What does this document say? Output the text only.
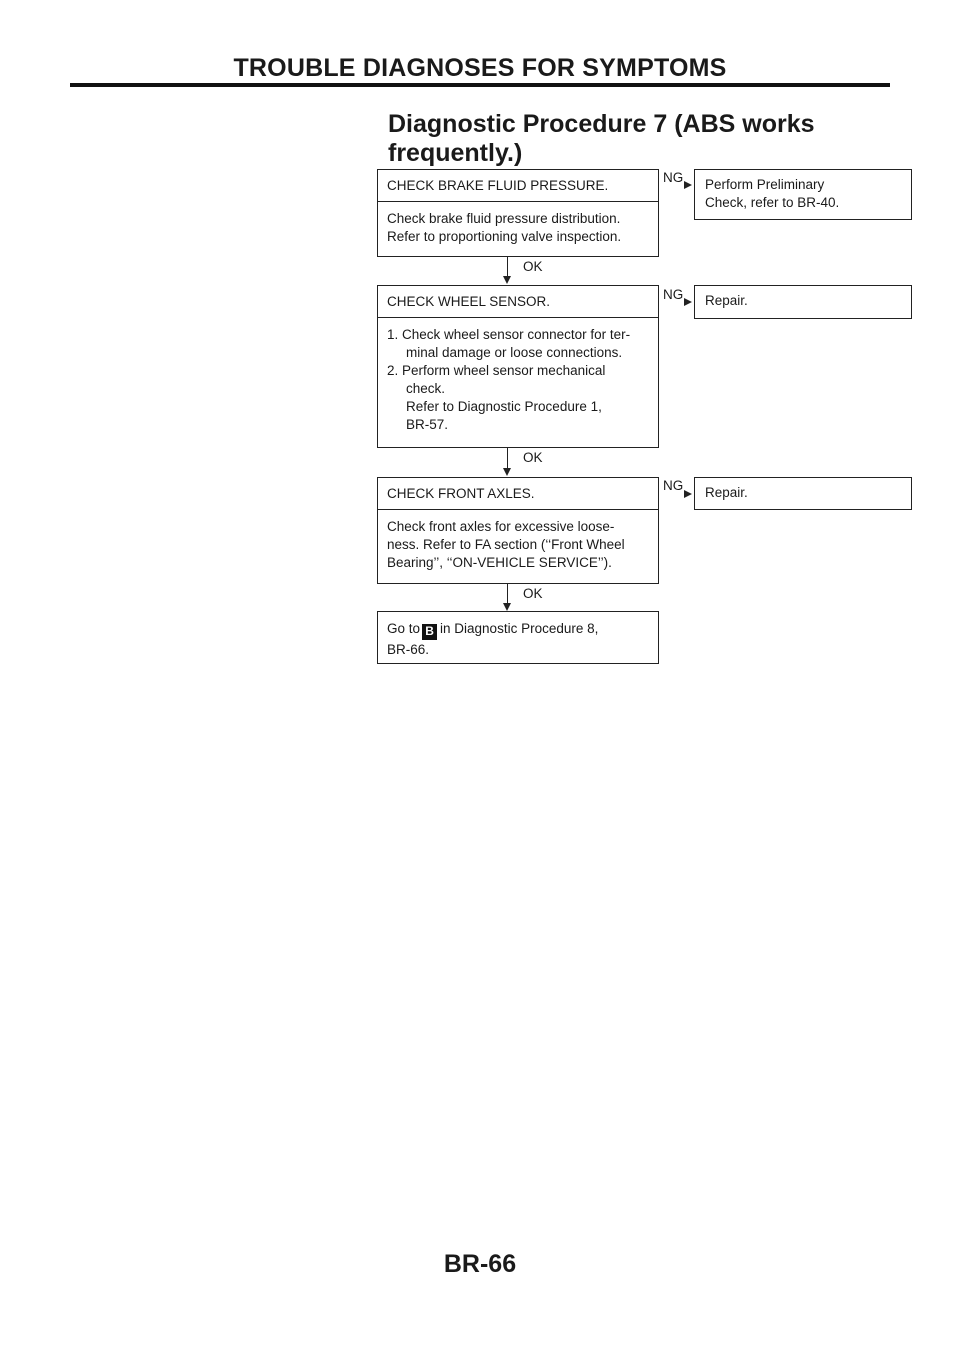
TROUBLE DIAGNOSES FOR SYMPTOMS
Diagnostic Procedure 7 (ABS works
frequently.)
CHECK BRAKE FLUID PRESSURE.
Check brake fluid pressure distribution.
Refer to proportioning valve inspection.
NG Perform Preliminary
Check, refer to BR-40.
OK
CHECK WHEEL SENSOR.
1. Check wheel sensor connector for ter-
minal damage or loose connections.
2. Perform wheel sensor mechanical
check.
Refer to Diagnostic Procedure 1,
BR-57.
NG Repair.
OK
CHECK FRONT AXLES.
Check front axles for excessive loose-
ness. Refer to FA section (‘‘Front Wheel
Bearing’’, ‘‘ON-VEHICLE SERVICE’’).
NG Repair.
OK
Go to B in Diagnostic Procedure 8,
BR-66.
BR-66
